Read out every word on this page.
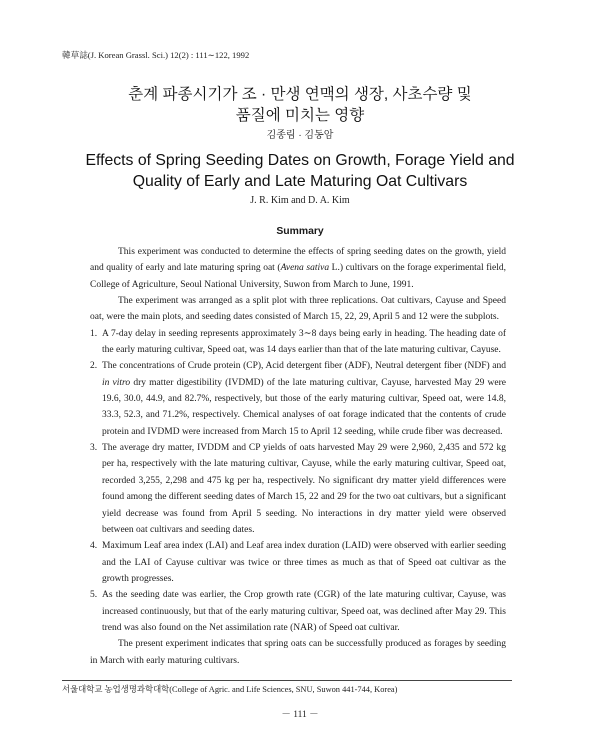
韓草誌(J. Korean Grassl. Sci.) 12(2) : 111∼122, 1992
춘계 파종시기가 조 · 만생 연맥의 생장, 사초수량 및
품질에 미치는 영향
김종림 · 김동암
Effects of Spring Seeding Dates on Growth, Forage Yield and
Quality of Early and Late Maturing Oat Cultivars
J. R. Kim and D. A. Kim
Summary

This experiment was conducted to determine the effects of spring seeding dates on the growth, yield and quality of early and late maturing spring oat (Avena sativa L.) cultivars on the forage experimental field, College of Agriculture, Seoul National University, Suwon from March to June, 1991.

The experiment was arranged as a split plot with three replications. Oat cultivars, Cayuse and Speed oat, were the main plots, and seeding dates consisted of March 15, 22, 29, April 5 and 12 were the subplots.

1. A 7-day delay in seeding represents approximately 3∼8 days being early in heading. The heading date of the early maturing cultivar, Speed oat, was 14 days earlier than that of the late maturing cultivar, Cayuse.
2. The concentrations of Crude protein (CP), Acid detergent fiber (ADF), Neutral detergent fiber (NDF) and in vitro dry matter digestibility (IVDMD) of the late maturing cultivar, Cayuse, harvested May 29 were 19.6, 30.0, 44.9, and 82.7%, respectively, but those of the early maturing cultivar, Speed oat, were 14.8, 33.3, 52.3, and 71.2%, respectively. Chemical analyses of oat forage indicated that the contents of crude protein and IVDMD were increased from March 15 to April 12 seeding, while crude fiber was decreased.
3. The average dry matter, IVDDM and CP yields of oats harvested May 29 were 2,960, 2,435 and 572 kg per ha, respectively with the late maturing cultivar, Cayuse, while the early maturing cultivar, Speed oat, recorded 3,255, 2,298 and 475 kg per ha, respectively. No significant dry matter yield differences were found among the different seeding dates of March 15, 22 and 29 for the two oat cultivars, but a significant yield decrease was found from April 5 seeding. No interactions in dry matter yield were observed between oat cultivars and seeding dates.
4. Maximum Leaf area index (LAI) and Leaf area index duration (LAID) were observed with earlier seeding and the LAI of Cayuse cultivar was twice or three times as much as that of Speed oat cultivar as the growth progresses.
5. As the seeding date was earlier, the Crop growth rate (CGR) of the late maturing cultivar, Cayuse, was increased continuously, but that of the early maturing cultivar, Speed oat, was declined after May 29. This trend was also found on the Net assimilation rate (NAR) of Speed oat cultivar.

The present experiment indicates that spring oats can be successfully produced as forages by seeding in March with early maturing cultivars.

서울대학교 농업생명과학대학(College of Agric. and Life Sciences, SNU, Suwon 441-744, Korea)
－ 111 －
